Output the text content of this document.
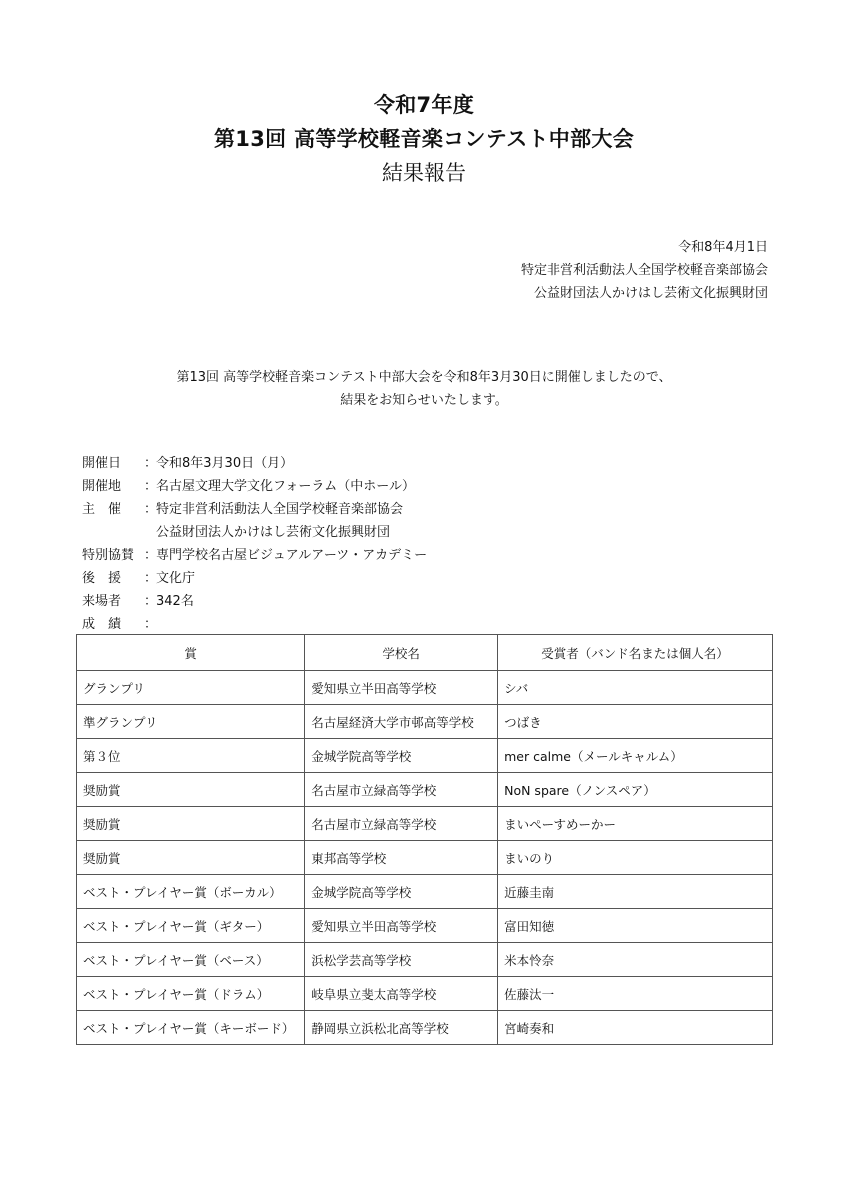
令和7年度
第13回 高等学校軽音楽コンテスト中部大会
結果報告
令和8年4月1日
特定非営利活動法人全国学校軽音楽部協会
公益財団法人かけはし芸術文化振興財団
第13回 高等学校軽音楽コンテスト中部大会を令和8年3月30日に開催しましたので、
結果をお知らせいたします。
開催日	：
令和8年3月30日（月）
開催地	：
名古屋文理大学文化フォーラム（中ホール）
主　催	：
特定非営利活動法人全国学校軽音楽部協会
公益財団法人かけはし芸術文化振興財団
特別協賛 ：
専門学校名古屋ビジュアルアーツ・アカデミー
後　援	：
文化庁
来場者	：
342名
成　績	：
賞	学校名	受賞者（バンド名または個人名）
グランプリ	愛知県立半田高等学校	シバ
準グランプリ	名古屋経済大学市邨高等学校	つばき
第３位	金城学院高等学校	mer calme（メールキャルム）
奨励賞	名古屋市立緑高等学校	NoN spare（ノンスペア）
奨励賞	名古屋市立緑高等学校	まいぺーすめーかー
奨励賞	東邦高等学校	まいのり
ベスト・プレイヤー賞（ボーカル）	金城学院高等学校	近藤圭南
ベスト・プレイヤー賞（ギター）	愛知県立半田高等学校	富田知徳
ベスト・プレイヤー賞（ベース）	浜松学芸高等学校	米本怜奈
ベスト・プレイヤー賞（ドラム）	岐阜県立斐太高等学校	佐藤汰一
ベスト・プレイヤー賞（キーボード）	静岡県立浜松北高等学校	宮崎奏和
